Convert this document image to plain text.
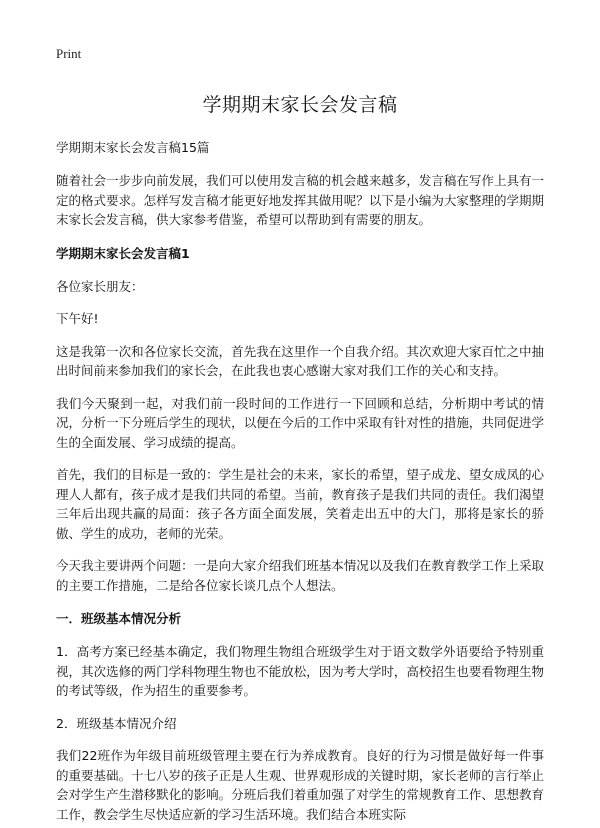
Print
学期期末家长会发言稿
学期期末家长会发言稿15篇

随着社会一步步向前发展，我们可以使用发言稿的机会越来越多，发言稿在写作上具有一定的格式要求。怎样写发言稿才能更好地发挥其做用呢？以下是小编为大家整理的学期期末家长会发言稿，供大家参考借鉴，希望可以帮助到有需要的朋友。

学期期末家长会发言稿1

各位家长朋友：

下午好!

这是我第一次和各位家长交流，首先我在这里作一个自我介绍。其次欢迎大家百忙之中抽出时间前来参加我们的家长会，在此我也衷心感谢大家对我们工作的关心和支持。

我们今天聚到一起，对我们前一段时间的工作进行一下回顾和总结，分析期中考试的情况，分析一下分班后学生的现状，以便在今后的工作中采取有针对性的措施，共同促进学生的全面发展、学习成绩的提高。

首先，我们的目标是一致的：学生是社会的未来，家长的希望，望子成龙、望女成凤的心理人人都有，孩子成才是我们共同的希望。当前，教育孩子是我们共同的责任。我们渴望三年后出现共赢的局面：孩子各方面全面发展，笑着走出五中的大门，那将是家长的骄傲、学生的成功，老师的光荣。

今天我主要讲两个问题：一是向大家介绍我们班基本情况以及我们在教育教学工作上采取的主要工作措施，二是给各位家长谈几点个人想法。

一．班级基本情况分析

1．高考方案已经基本确定，我们物理生物组合班级学生对于语文数学外语要给予特别重视，其次选修的两门学科物理生物也不能放松，因为考大学时，高校招生也要看物理生物的考试等级，作为招生的重要参考。

2．班级基本情况介绍

我们22班作为年级目前班级管理主要在行为养成教育。良好的行为习惯是做好每一件事的重要基础。十七八岁的孩子正是人生观、世界观形成的关键时期，家长老师的言行举止会对学生产生潜移默化的影响。分班后我们着重加强了对学生的常规教育工作、思想教育工作，教会学生尽快适应新的学习生活环境。我们结合本班实际
